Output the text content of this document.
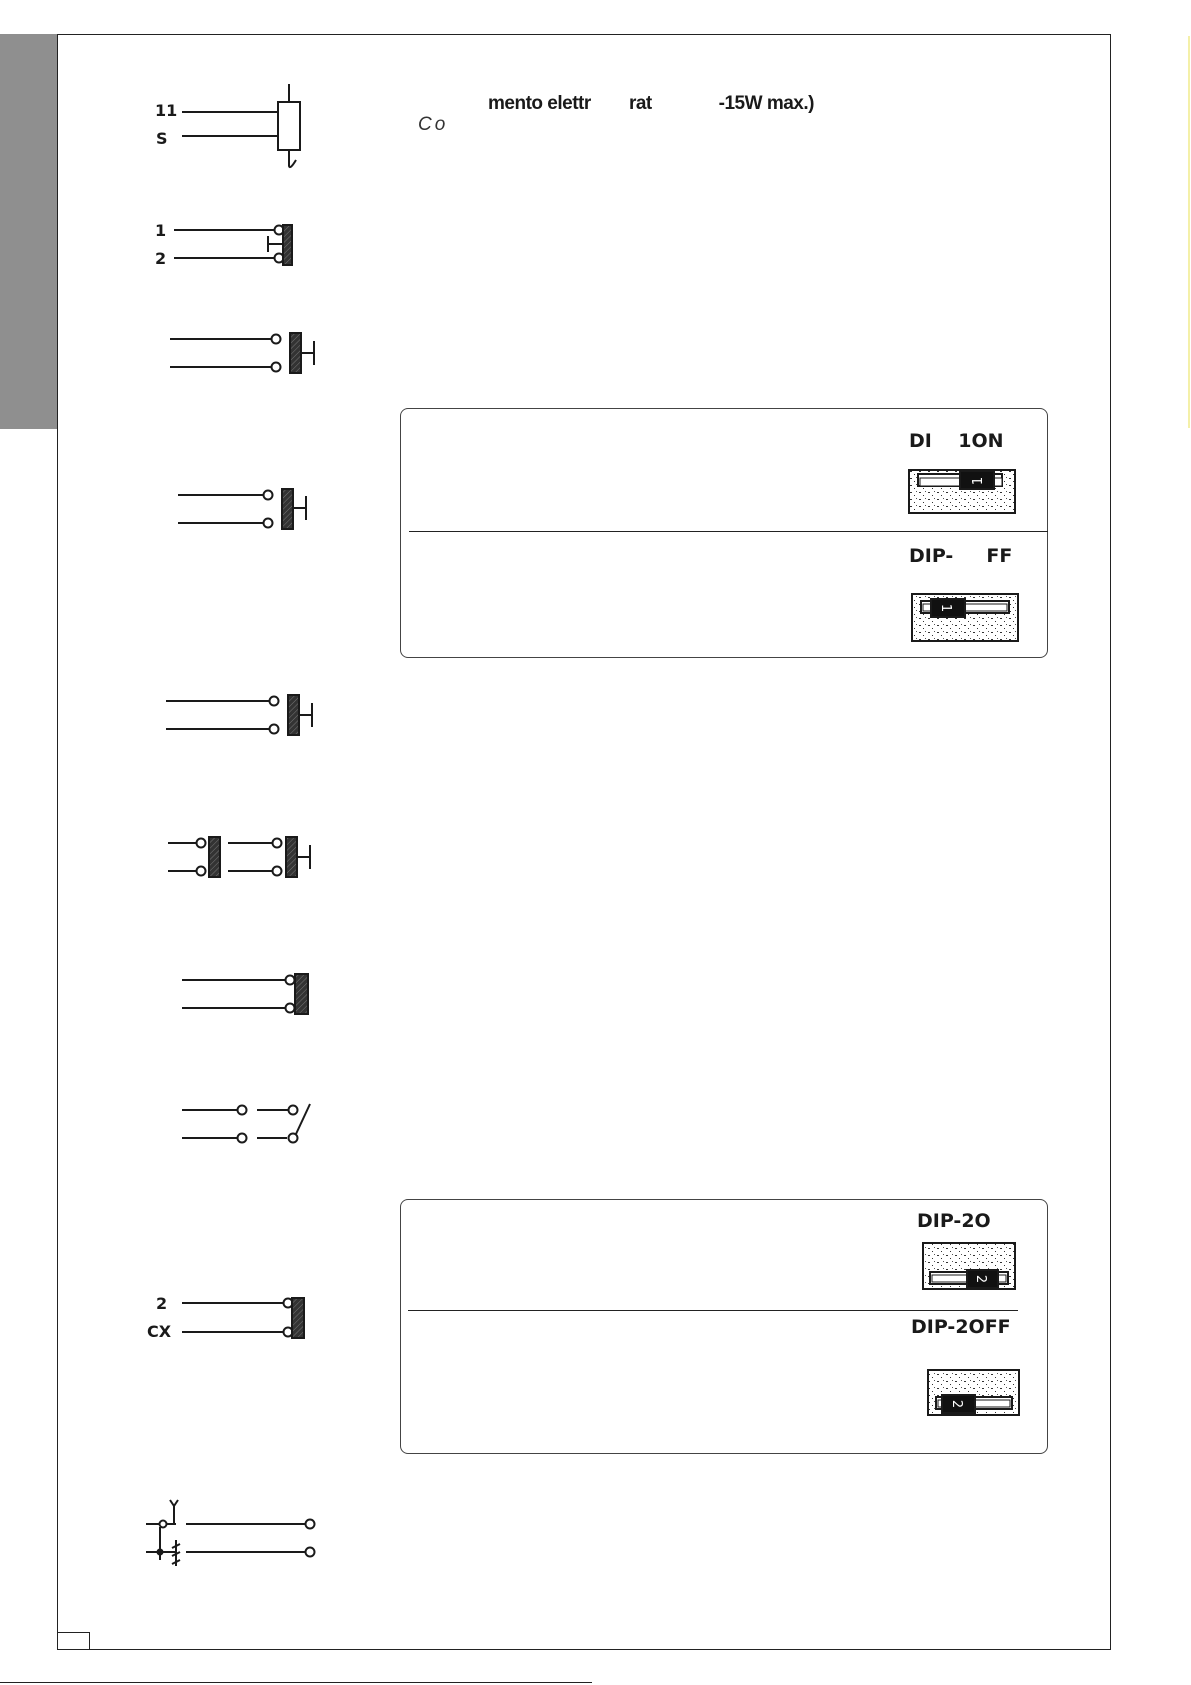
mento elettr        rat              -15W max.)
Co
11
S
1
2
2
CX
DI    1ON
DIP-     FF
DIP-2O
DIP-2OFF
1
1
2
2
